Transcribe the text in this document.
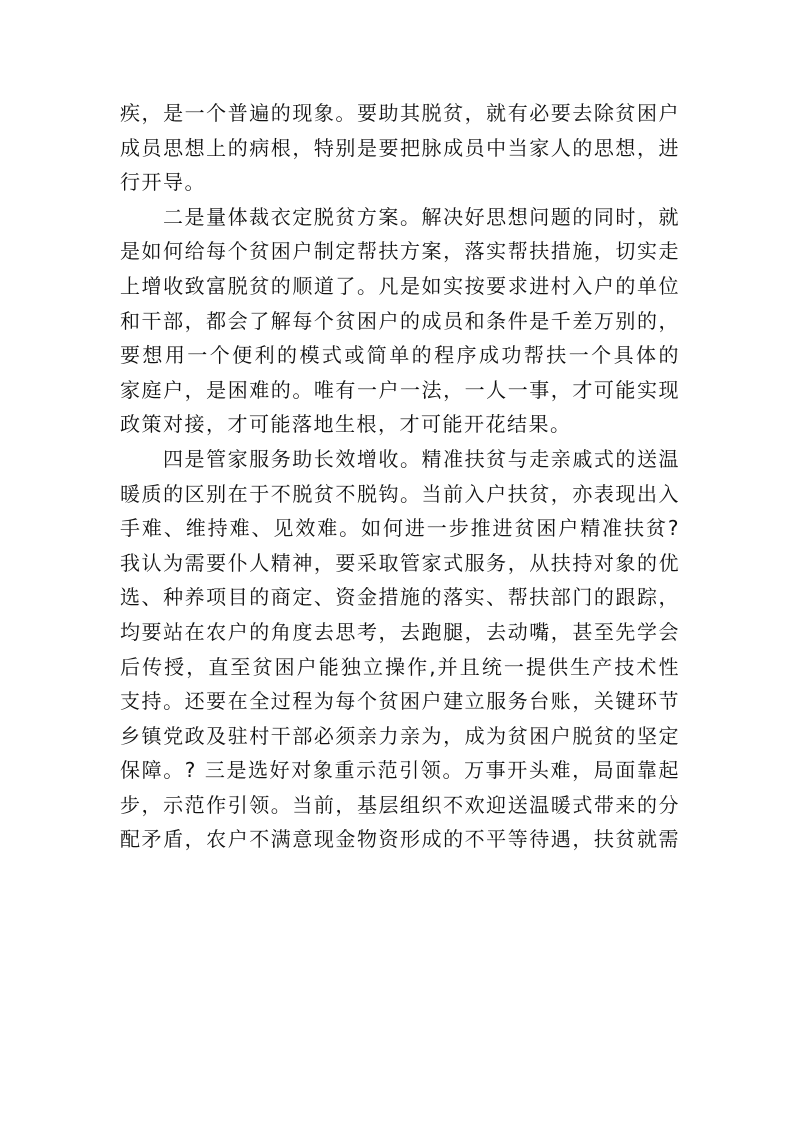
疾，是一个普遍的现象。要助其脱贫，就有必要去除贫困户
成员思想上的病根，特别是要把脉成员中当家人的思想，进
行开导。
二是量体裁衣定脱贫方案。解决好思想问题的同时，就
是如何给每个贫困户制定帮扶方案，落实帮扶措施，切实走
上增收致富脱贫的顺道了。凡是如实按要求进村入户的单位
和干部，都会了解每个贫困户的成员和条件是千差万别的，
要想用一个便利的模式或简单的程序成功帮扶一个具体的
家庭户，是困难的。唯有一户一法，一人一事，才可能实现
政策对接，才可能落地生根，才可能开花结果。
四是管家服务助长效增收。精准扶贫与走亲戚式的送温
暖质的区别在于不脱贫不脱钩。当前入户扶贫，亦表现出入
手难、维持难、见效难。如何进一步推进贫困户精准扶贫?
我认为需要仆人精神，要采取管家式服务，从扶持对象的优
选、种养项目的商定、资金措施的落实、帮扶部门的跟踪，
均要站在农户的角度去思考，去跑腿，去动嘴，甚至先学会
后传授，直至贫困户能独立操作,并且统一提供生产技术性
支持。还要在全过程为每个贫困户建立服务台账，关键环节
乡镇党政及驻村干部必须亲力亲为，成为贫困户脱贫的坚定
保障。? 三是选好对象重示范引领。万事开头难，局面靠起
步，示范作引领。当前，基层组织不欢迎送温暖式带来的分
配矛盾，农户不满意现金物资形成的不平等待遇，扶贫就需
